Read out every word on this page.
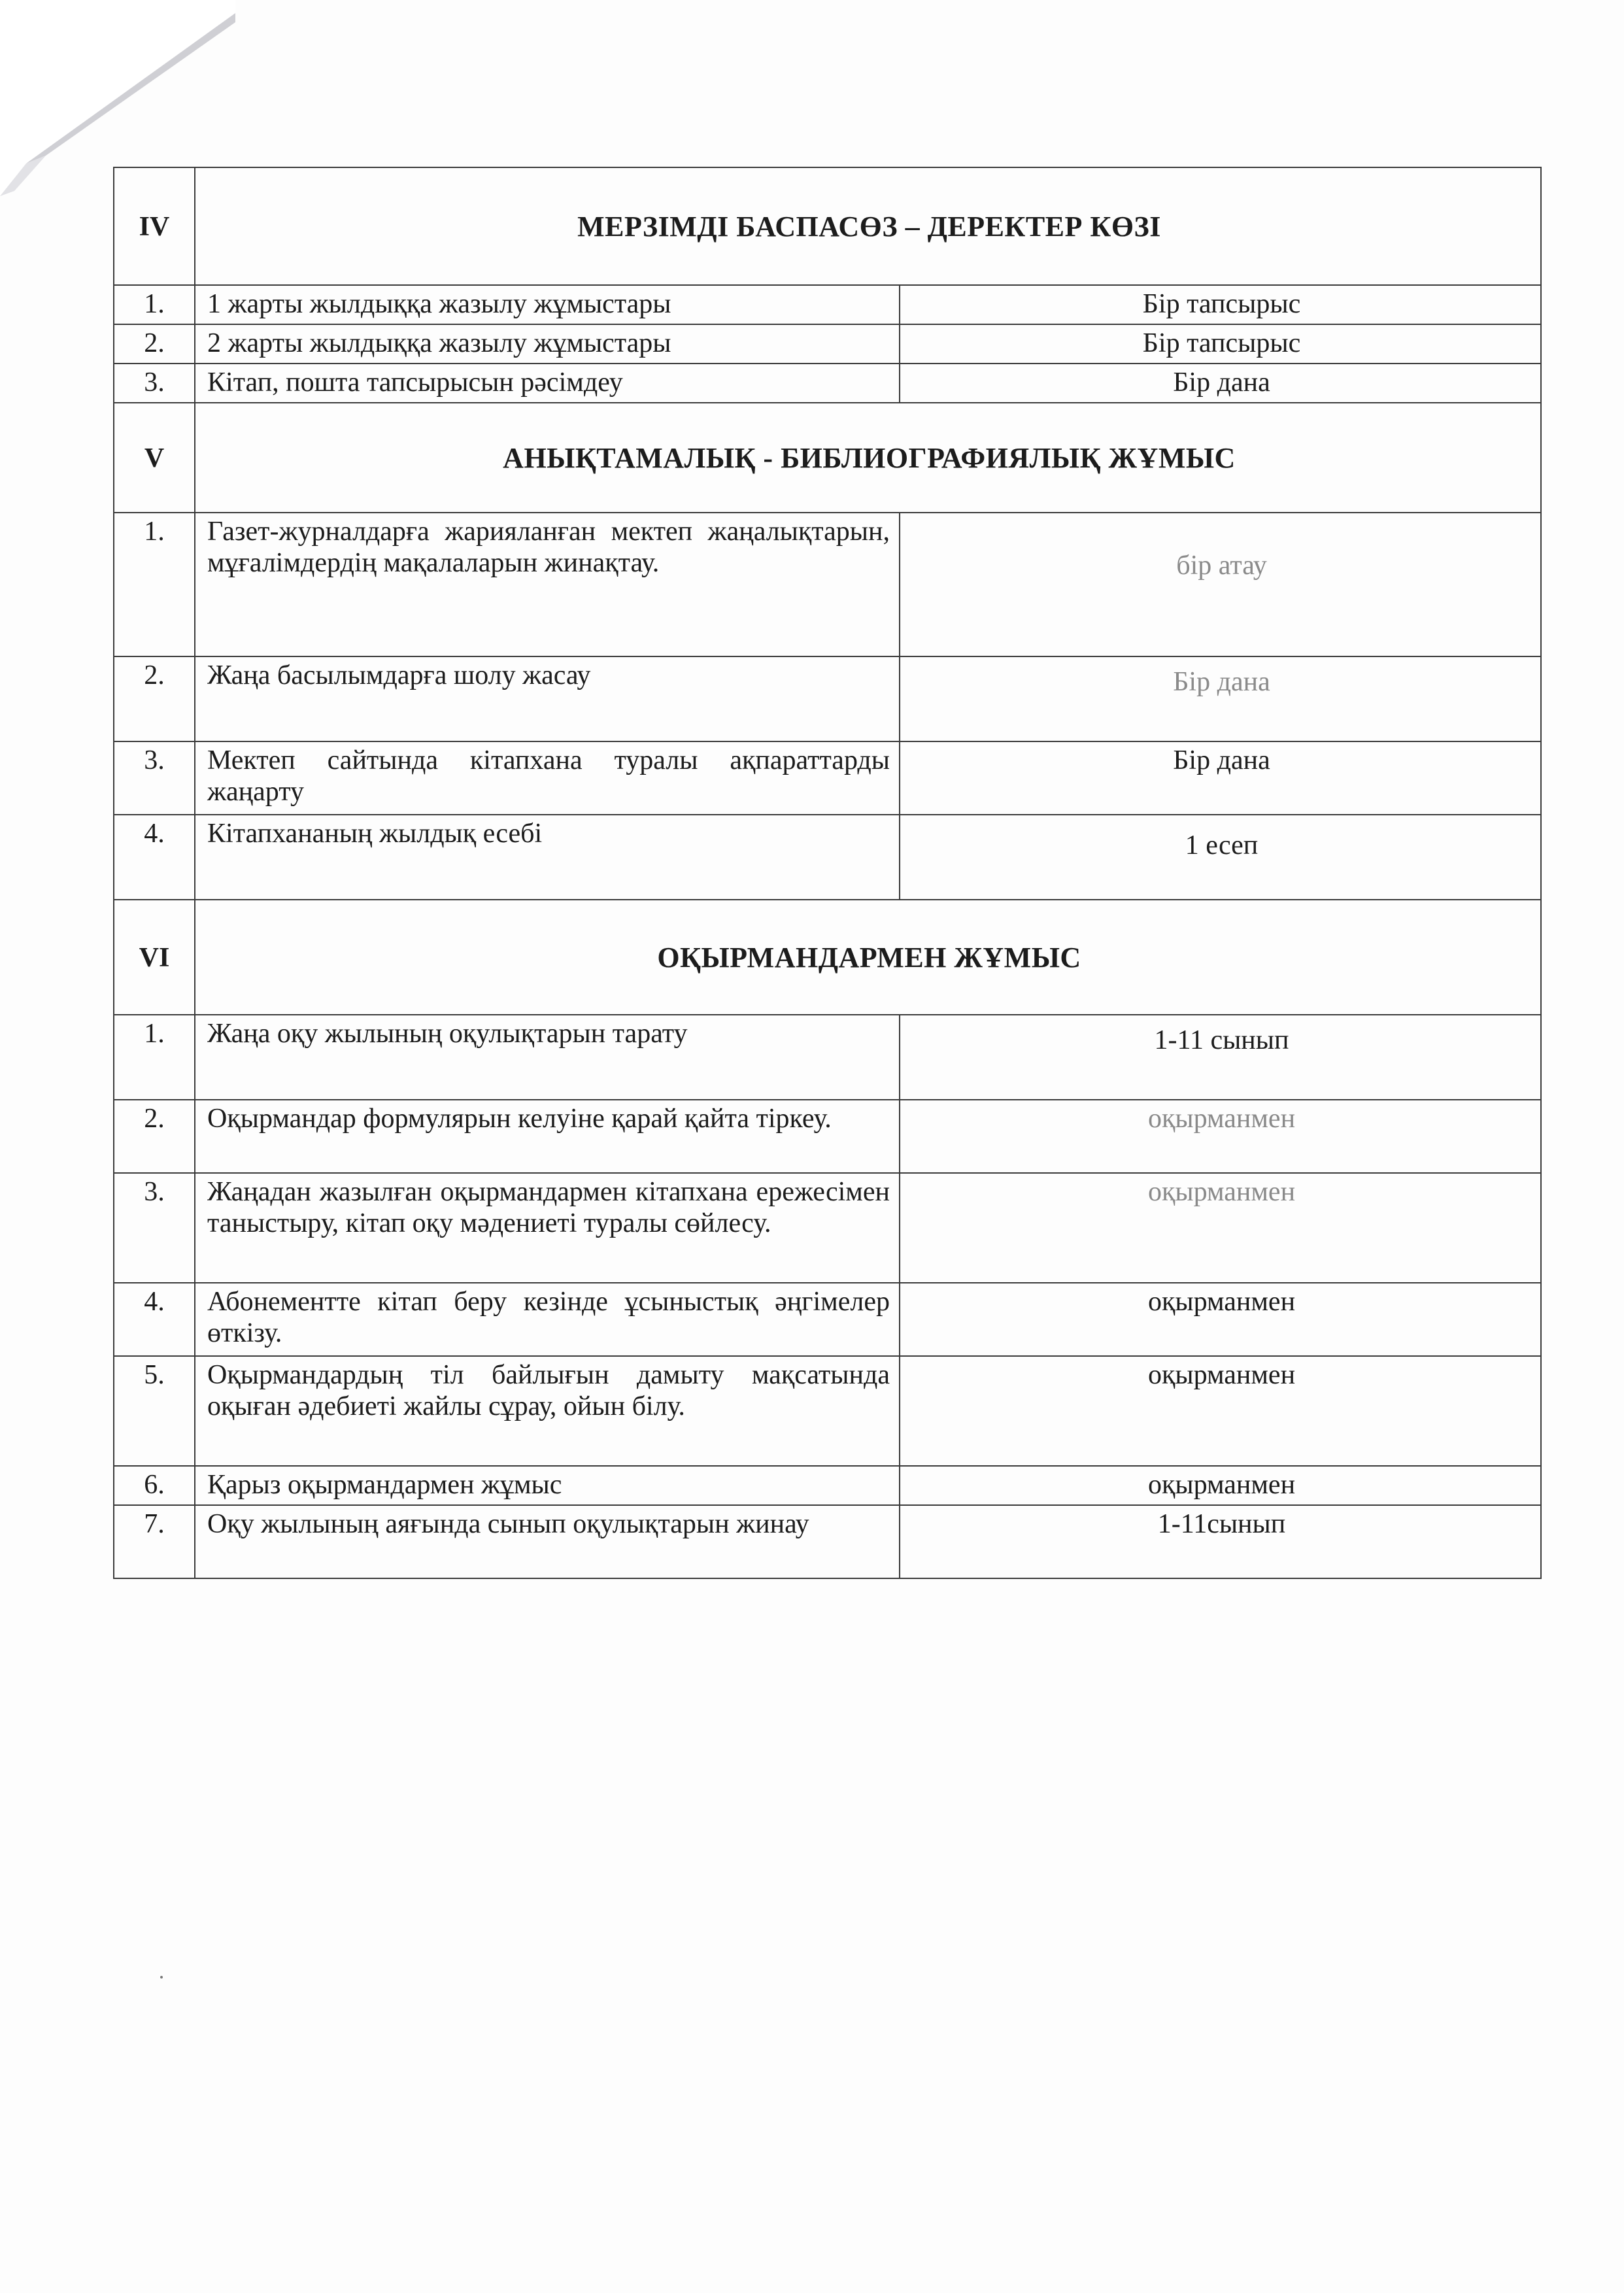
IV	МЕРЗІМДІ БАСПАСӨЗ – ДЕРЕКТЕР КӨЗІ	
1.	1 жарты жылдыққа жазылу жұмыстары	Бір тапсырыс
2.	2 жарты жылдыққа жазылу жұмыстары	Бір тапсырыс
3.	Кітап, пошта тапсырысын рәсімдеу	Бір дана
V	АНЫҚТАМАЛЫҚ - БИБЛИОГРАФИЯЛЫҚ ЖҰМЫС	
1.	Газет-журналдарға жарияланған мектеп жаңалықтарын, мұғалімдердің мақалаларын жинақтау.	бір атау
2.	Жаңа басылымдарға шолу жасау	Бір дана
3.	Мектеп сайтында кітапхана туралы ақпараттарды жаңарту	Бір дана
4.	Кітапхананың жылдық есебі	1 есеп
VI	ОҚЫРМАНДАРМЕН ЖҰМЫС	
1.	Жаңа оқу жылының оқулықтарын тарату	1-11 сынып
2.	Оқырмандар формулярын келуіне қарай қайта тіркеу.	оқырманмен
3.	Жаңадан жазылған оқырмандармен кітапхана ережесімен таныстыру, кітап оқу мәдениеті туралы сөйлесу.	оқырманмен
4.	Абонементте кітап беру кезінде ұсыныстық әңгімелер өткізу.	оқырманмен
5.	Оқырмандардың тіл байлығын дамыту мақсатында оқыған әдебиеті жайлы сұрау, ойын білу.	оқырманмен
6.	Қарыз оқырмандармен жұмыс	оқырманмен
7.	Оқу жылының аяғында сынып оқулықтарын жинау	1-11сынып
